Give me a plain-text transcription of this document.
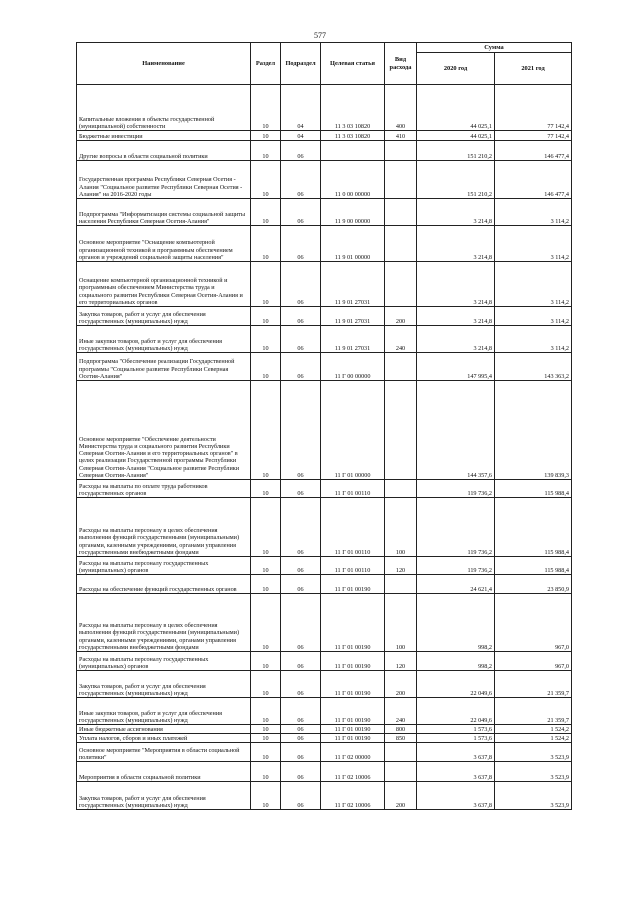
577
Наименование	Раздел	Подраздел	Целевая статья	Вид расхода	Сумма	
					2020 год	2021 год
Капитальные вложения в объекты государственной (муниципальной) собственности	10	04	11 3 03 10820	400	44 025,1	77 142,4
Бюджетные инвестиции	10	04	11 3 03 10820	410	44 025,1	77 142,4
Другие вопросы в области социальной политики	10	06			151 210,2	146 477,4
Государственная программа Республики Северная Осетия - Алания "Социальное развитие Республики Северная Осетия - Алания" на 2016-2020 годы	10	06	11 0 00 00000		151 210,2	146 477,4
Подпрограмма "Информатизация системы социальной защиты населения Республики Северная Осетия-Алания"	10	06	11 9 00 00000		3 214,8	3 114,2
Основное мероприятие "Оснащение компьютерной организационной техникой и программным обеспечением органов и учреждений социальной защиты населения"	10	06	11 9 01 00000		3 214,8	3 114,2
Оснащение компьютерной организационной техникой и программным обеспечением Министерства труда и социального развития Республики Северная Осетия-Алания и его территориальных органов	10	06	11 9 01 27031		3 214,8	3 114,2
Закупка товаров, работ и услуг для обеспечения государственных (муниципальных) нужд	10	06	11 9 01 27031	200	3 214,8	3 114,2
Иные закупки товаров, работ и услуг для обеспечения государственных (муниципальных) нужд	10	06	11 9 01 27031	240	3 214,8	3 114,2
Подпрограмма "Обеспечение реализации Государственной программы "Социальное развитие Республики Северная Осетия-Алания"	10	06	11 Г 00 00000		147 995,4	143 363,2
Основное мероприятие "Обеспечение деятельности Министерства труда и социального развития Республики Северная Осетия-Алания и его территориальных органов" в целях реализации Государственной программы Республики Северная Осетия-Алания "Социальное развитие Республики Северная Осетия-Алания"	10	06	11 Г 01 00000		144 357,6	139 839,3
Расходы на выплаты по оплате труда работников государственных органов	10	06	11 Г 01 00110		119 736,2	115 988,4
Расходы на выплаты персоналу в целях обеспечения выполнения функций государственными (муниципальными) органами, казенными учреждениями, органами управления государственными внебюджетными фондами	10	06	11 Г 01 00110	100	119 736,2	115 988,4
Расходы на выплаты персоналу государственных (муниципальных) органов	10	06	11 Г 01 00110	120	119 736,2	115 988,4
Расходы на обеспечение функций государственных органов	10	06	11 Г 01 00190		24 621,4	23 850,9
Расходы на выплаты персоналу в целях обеспечения выполнения функций государственными (муниципальными) органами, казенными учреждениями, органами управления государственными внебюджетными фондами	10	06	11 Г 01 00190	100	998,2	967,0
Расходы на выплаты персоналу государственных (муниципальных) органов	10	06	11 Г 01 00190	120	998,2	967,0
Закупка товаров, работ и услуг для обеспечения государственных (муниципальных) нужд	10	06	11 Г 01 00190	200	22 049,6	21 359,7
Иные закупки товаров, работ и услуг для обеспечения государственных (муниципальных) нужд	10	06	11 Г 01 00190	240	22 049,6	21 359,7
Иные бюджетные ассигнования	10	06	11 Г 01 00190	800	1 573,6	1 524,2
Уплата налогов, сборов и иных платежей	10	06	11 Г 01 00190	850	1 573,6	1 524,2
Основное мероприятие "Мероприятия в области социальной политики"	10	06	11 Г 02 00000		3 637,8	3 523,9
Мероприятия в области социальной политики	10	06	11 Г 02 10006		3 637,8	3 523,9
Закупка товаров, работ и услуг для обеспечения государственных (муниципальных) нужд	10	06	11 Г 02 10006	200	3 637,8	3 523,9
